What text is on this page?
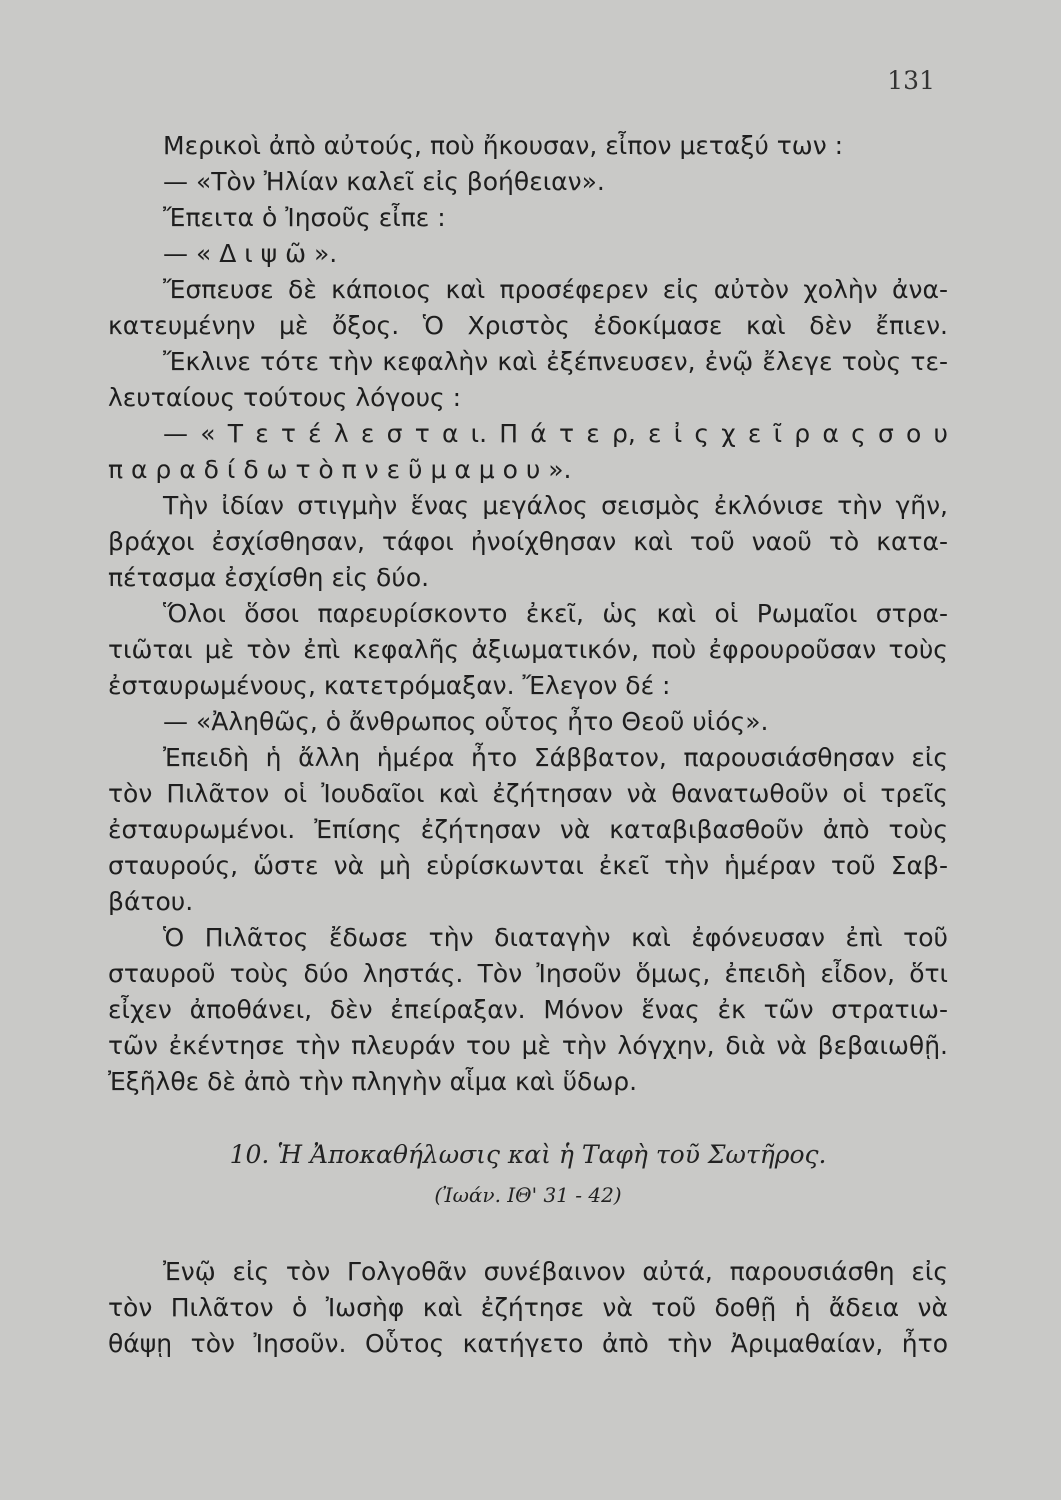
131
Μερικοὶ ἀπὸ αὐτούς, ποὺ ἤκουσαν, εἶπον μεταξύ των :
— «Τὸν Ἠλίαν καλεῖ εἰς βοήθειαν».
Ἔπειτα ὁ Ἰησοῦς εἶπε :
— « Δ ι ψ ῶ ».
Ἔσπευσε δὲ κάποιος καὶ προσέφερεν εἰς αὐτὸν χολὴν ἀνα-
κατευμένην μὲ ὄξος. Ὁ Χριστὸς ἐδοκίμασε καὶ δὲν ἔπιεν.
Ἔκλινε τότε τὴν κεφαλὴν καὶ ἐξέπνευσεν, ἐνῷ ἔλεγε τοὺς τε-
λευταίους τούτους λόγους :
— « Τ ε τ έ λ ε σ τ α ι. Π ά τ ε ρ, ε ἰ ς χ ε ῖ ρ α ς σ ο υ
π α ρ α δ ί δ ω τ ὸ π ν ε ῦ μ α μ ο υ ».
Τὴν ἰδίαν στιγμὴν ἕνας μεγάλος σεισμὸς ἐκλόνισε τὴν γῆν,
βράχοι ἐσχίσθησαν, τάφοι ἠνοίχθησαν καὶ τοῦ ναοῦ τὸ κατα-
πέτασμα ἐσχίσθη εἰς δύο.
Ὅλοι ὅσοι παρευρίσκοντο ἐκεῖ, ὡς καὶ οἱ Ρωμαῖοι στρα-
τιῶται μὲ τὸν ἐπὶ κεφαλῆς ἀξιωματικόν, ποὺ ἐφρουροῦσαν τοὺς
ἐσταυρωμένους, κατετρόμαξαν. Ἔλεγον δέ :
— «Ἀληθῶς, ὁ ἄνθρωπος οὗτος ἦτο Θεοῦ υἱός».
Ἐπειδὴ ἡ ἄλλη ἡμέρα ἦτο Σάββατον, παρουσιάσθησαν εἰς
τὸν Πιλᾶτον οἱ Ἰουδαῖοι καὶ ἐζήτησαν νὰ θανατωθοῦν οἱ τρεῖς
ἐσταυρωμένοι. Ἐπίσης ἐζήτησαν νὰ καταβιβασθοῦν ἀπὸ τοὺς
σταυρούς, ὥστε νὰ μὴ εὑρίσκωνται ἐκεῖ τὴν ἡμέραν τοῦ Σαβ-
βάτου.
Ὁ Πιλᾶτος ἔδωσε τὴν διαταγὴν καὶ ἐφόνευσαν ἐπὶ τοῦ
σταυροῦ τοὺς δύο ληστάς. Τὸν Ἰησοῦν ὅμως, ἐπειδὴ εἶδον, ὅτι
εἶχεν ἀποθάνει, δὲν ἐπείραξαν. Μόνον ἕνας ἐκ τῶν στρατιω-
τῶν ἐκέντησε τὴν πλευράν του μὲ τὴν λόγχην, διὰ νὰ βεβαιωθῇ.
Ἐξῆλθε δὲ ἀπὸ τὴν πληγὴν αἷμα καὶ ὕδωρ.
10. Ἡ Ἀποκαθήλωσις καὶ ἡ Ταφὴ τοῦ Σωτῆρος.
(Ἰωάν. ΙΘ' 31 - 42)
Ἐνῷ εἰς τὸν Γολγοθᾶν συνέβαινον αὐτά, παρουσιάσθη εἰς
τὸν Πιλᾶτον ὁ Ἰωσὴφ καὶ ἐζήτησε νὰ τοῦ δοθῇ ἡ ἄδεια νὰ
θάψῃ τὸν Ἰησοῦν. Οὗτος κατήγετο ἀπὸ τὴν Ἀριμαθαίαν, ἦτο
